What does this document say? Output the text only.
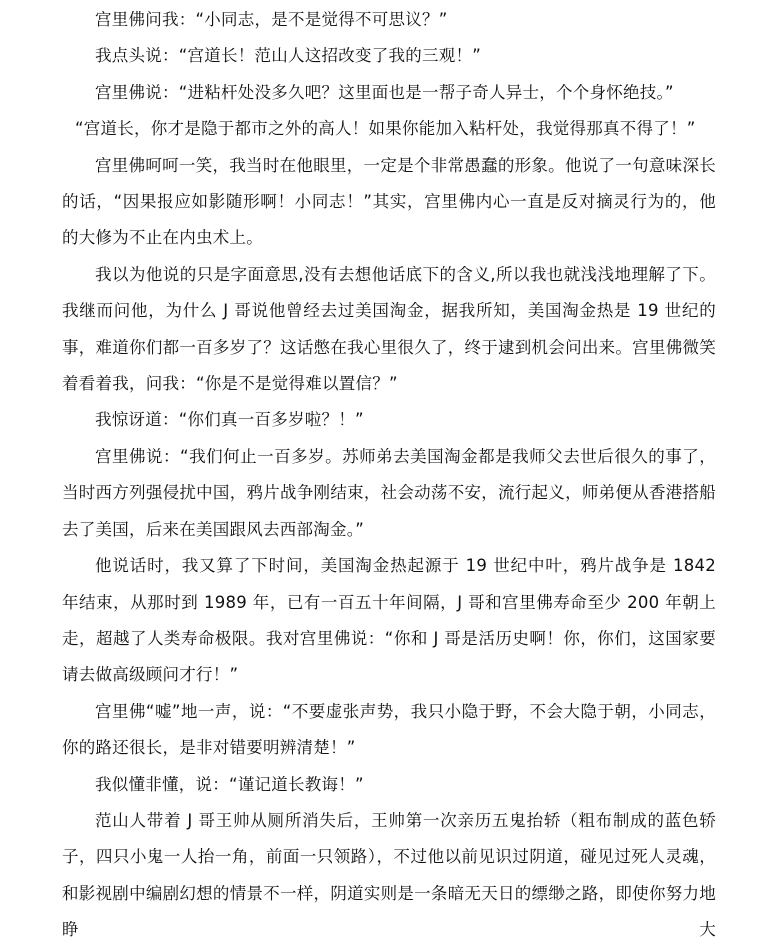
宫里佛问我：“小同志，是不是觉得不可思议？”

我点头说：“宫道长！范山人这招改变了我的三观！”

宫里佛说：“进粘杆处没多久吧？这里面也是一帮子奇人异士，个个身怀绝技。”

“宫道长，你才是隐于都市之外的高人！如果你能加入粘杆处，我觉得那真不得了！”

宫里佛呵呵一笑，我当时在他眼里，一定是个非常愚蠢的形象。他说了一句意味深长的话，“因果报应如影随形啊！小同志！”其实，宫里佛内心一直是反对摘灵行为的，他的大修为不止在内虫术上。

我以为他说的只是字面意思,没有去想他话底下的含义,所以我也就浅浅地理解了下。我继而问他，为什么 J 哥说他曾经去过美国淘金，据我所知，美国淘金热是 19 世纪的事，难道你们都一百多岁了？这话憋在我心里很久了，终于逮到机会问出来。宫里佛微笑着看着我，问我：“你是不是觉得难以置信？”

我惊讶道：“你们真一百多岁啦？！”

宫里佛说：“我们何止一百多岁。苏师弟去美国淘金都是我师父去世后很久的事了，当时西方列强侵扰中国，鸦片战争刚结束，社会动荡不安，流行起义，师弟便从香港搭船去了美国，后来在美国跟风去西部淘金。”

他说话时，我又算了下时间，美国淘金热起源于 19 世纪中叶，鸦片战争是 1842 年结束，从那时到 1989 年，已有一百五十年间隔，J 哥和宫里佛寿命至少 200 年朝上走，超越了人类寿命极限。我对宫里佛说：“你和 J 哥是活历史啊！你，你们，这国家要请去做高级顾问才行！”

宫里佛“嘘”地一声，说：“不要虚张声势，我只小隐于野，不会大隐于朝，小同志，你的路还很长，是非对错要明辨清楚！”

我似懂非懂，说：“谨记道长教诲！”

范山人带着 J 哥王帅从厕所消失后，王帅第一次亲历五鬼抬轿（粗布制成的蓝色轿子，四只小鬼一人抬一角，前面一只领路），不过他以前见识过阴道，碰见过死人灵魂，和影视剧中编剧幻想的情景不一样，阴道实则是一条暗无天日的缥缈之路，即使你努力地睁大
